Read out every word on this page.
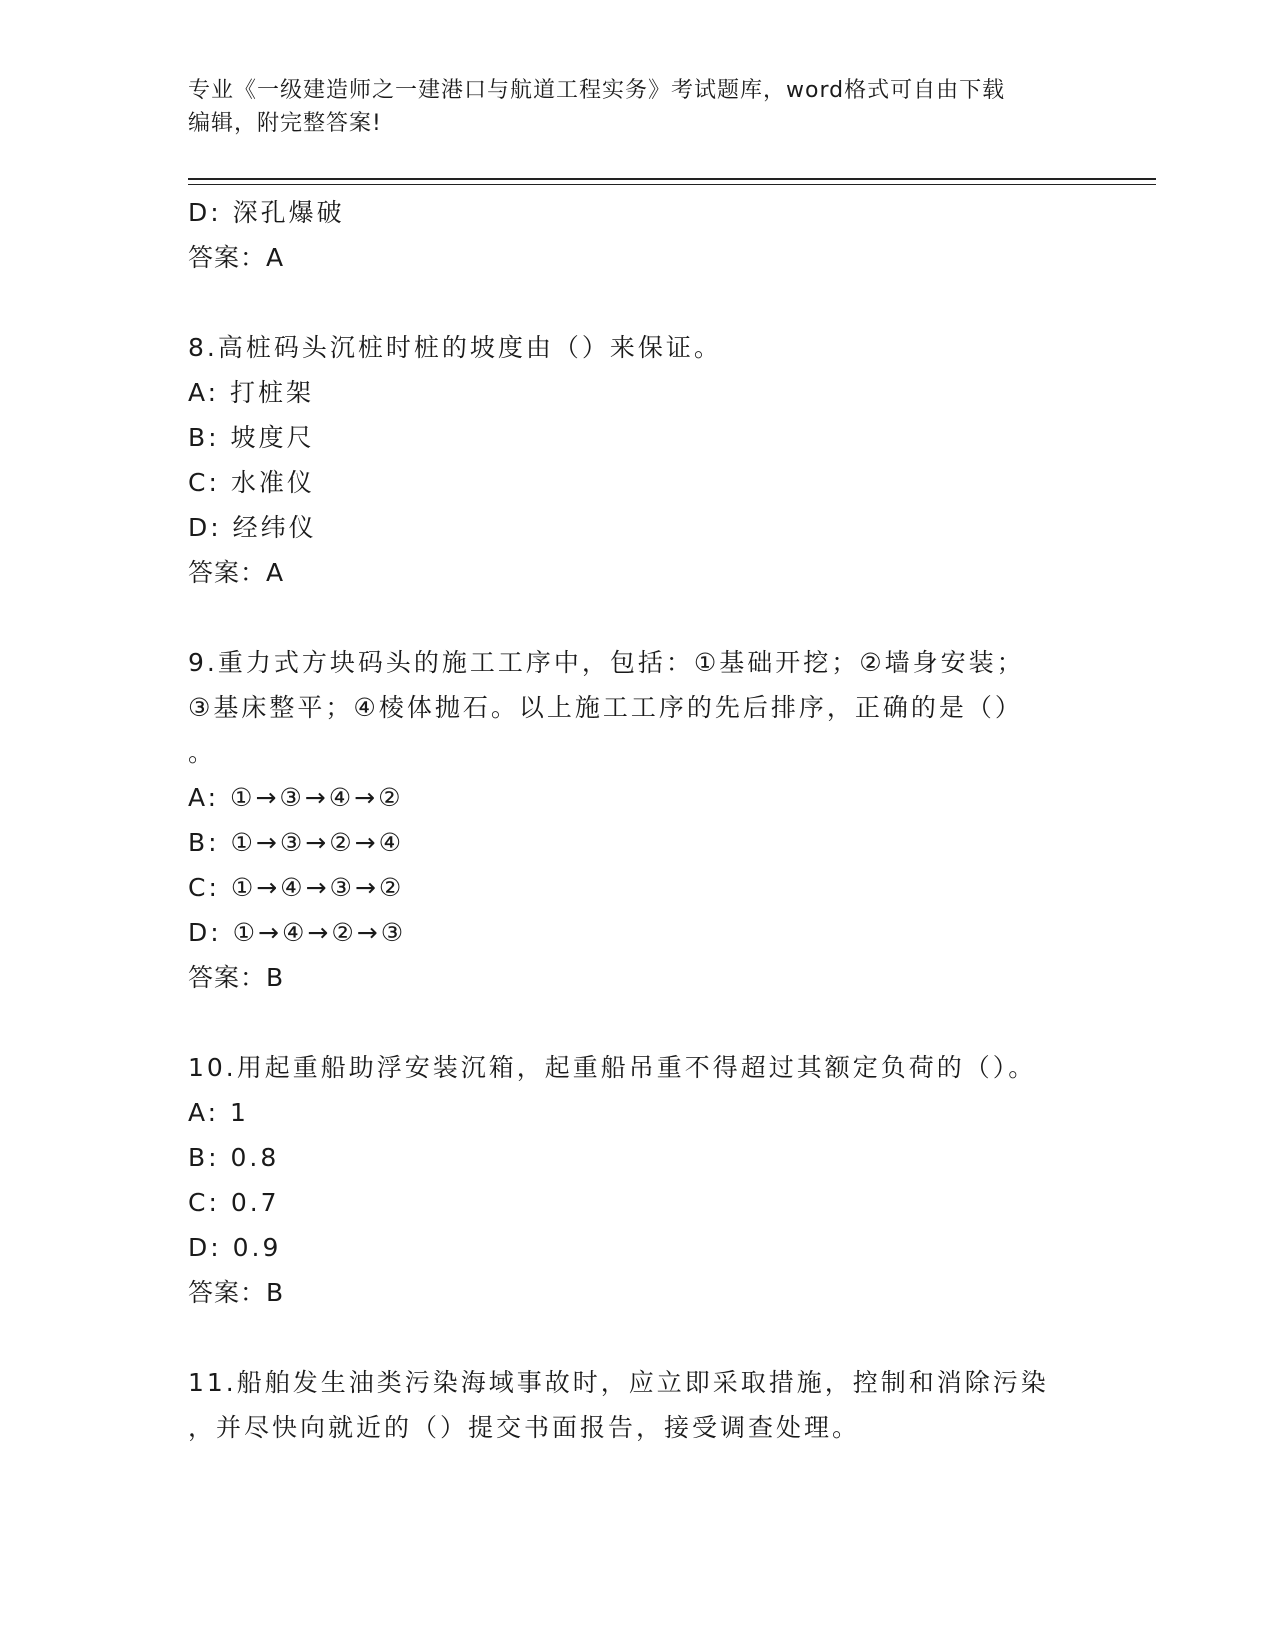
专业《一级建造师之一建港口与航道工程实务》考试题库，word格式可自由下载
编辑，附完整答案!
D: 深孔爆破
答案：A
8.高桩码头沉桩时桩的坡度由（）来保证。
A: 打桩架
B: 坡度尺
C: 水准仪
D: 经纬仪
答案：A
9.重力式方块码头的施工工序中，包括：①基础开挖；②墙身安装；
③基床整平；④棱体抛石。以上施工工序的先后排序，正确的是（）
。
A: ①→③→④→②
B: ①→③→②→④
C: ①→④→③→②
D: ①→④→②→③
答案：B
10.用起重船助浮安装沉箱，起重船吊重不得超过其额定负荷的（）。
A: 1
B: 0.8
C: 0.7
D: 0.9
答案：B
11.船舶发生油类污染海域事故时，应立即采取措施，控制和消除污染
，并尽快向就近的（）提交书面报告，接受调查处理。
